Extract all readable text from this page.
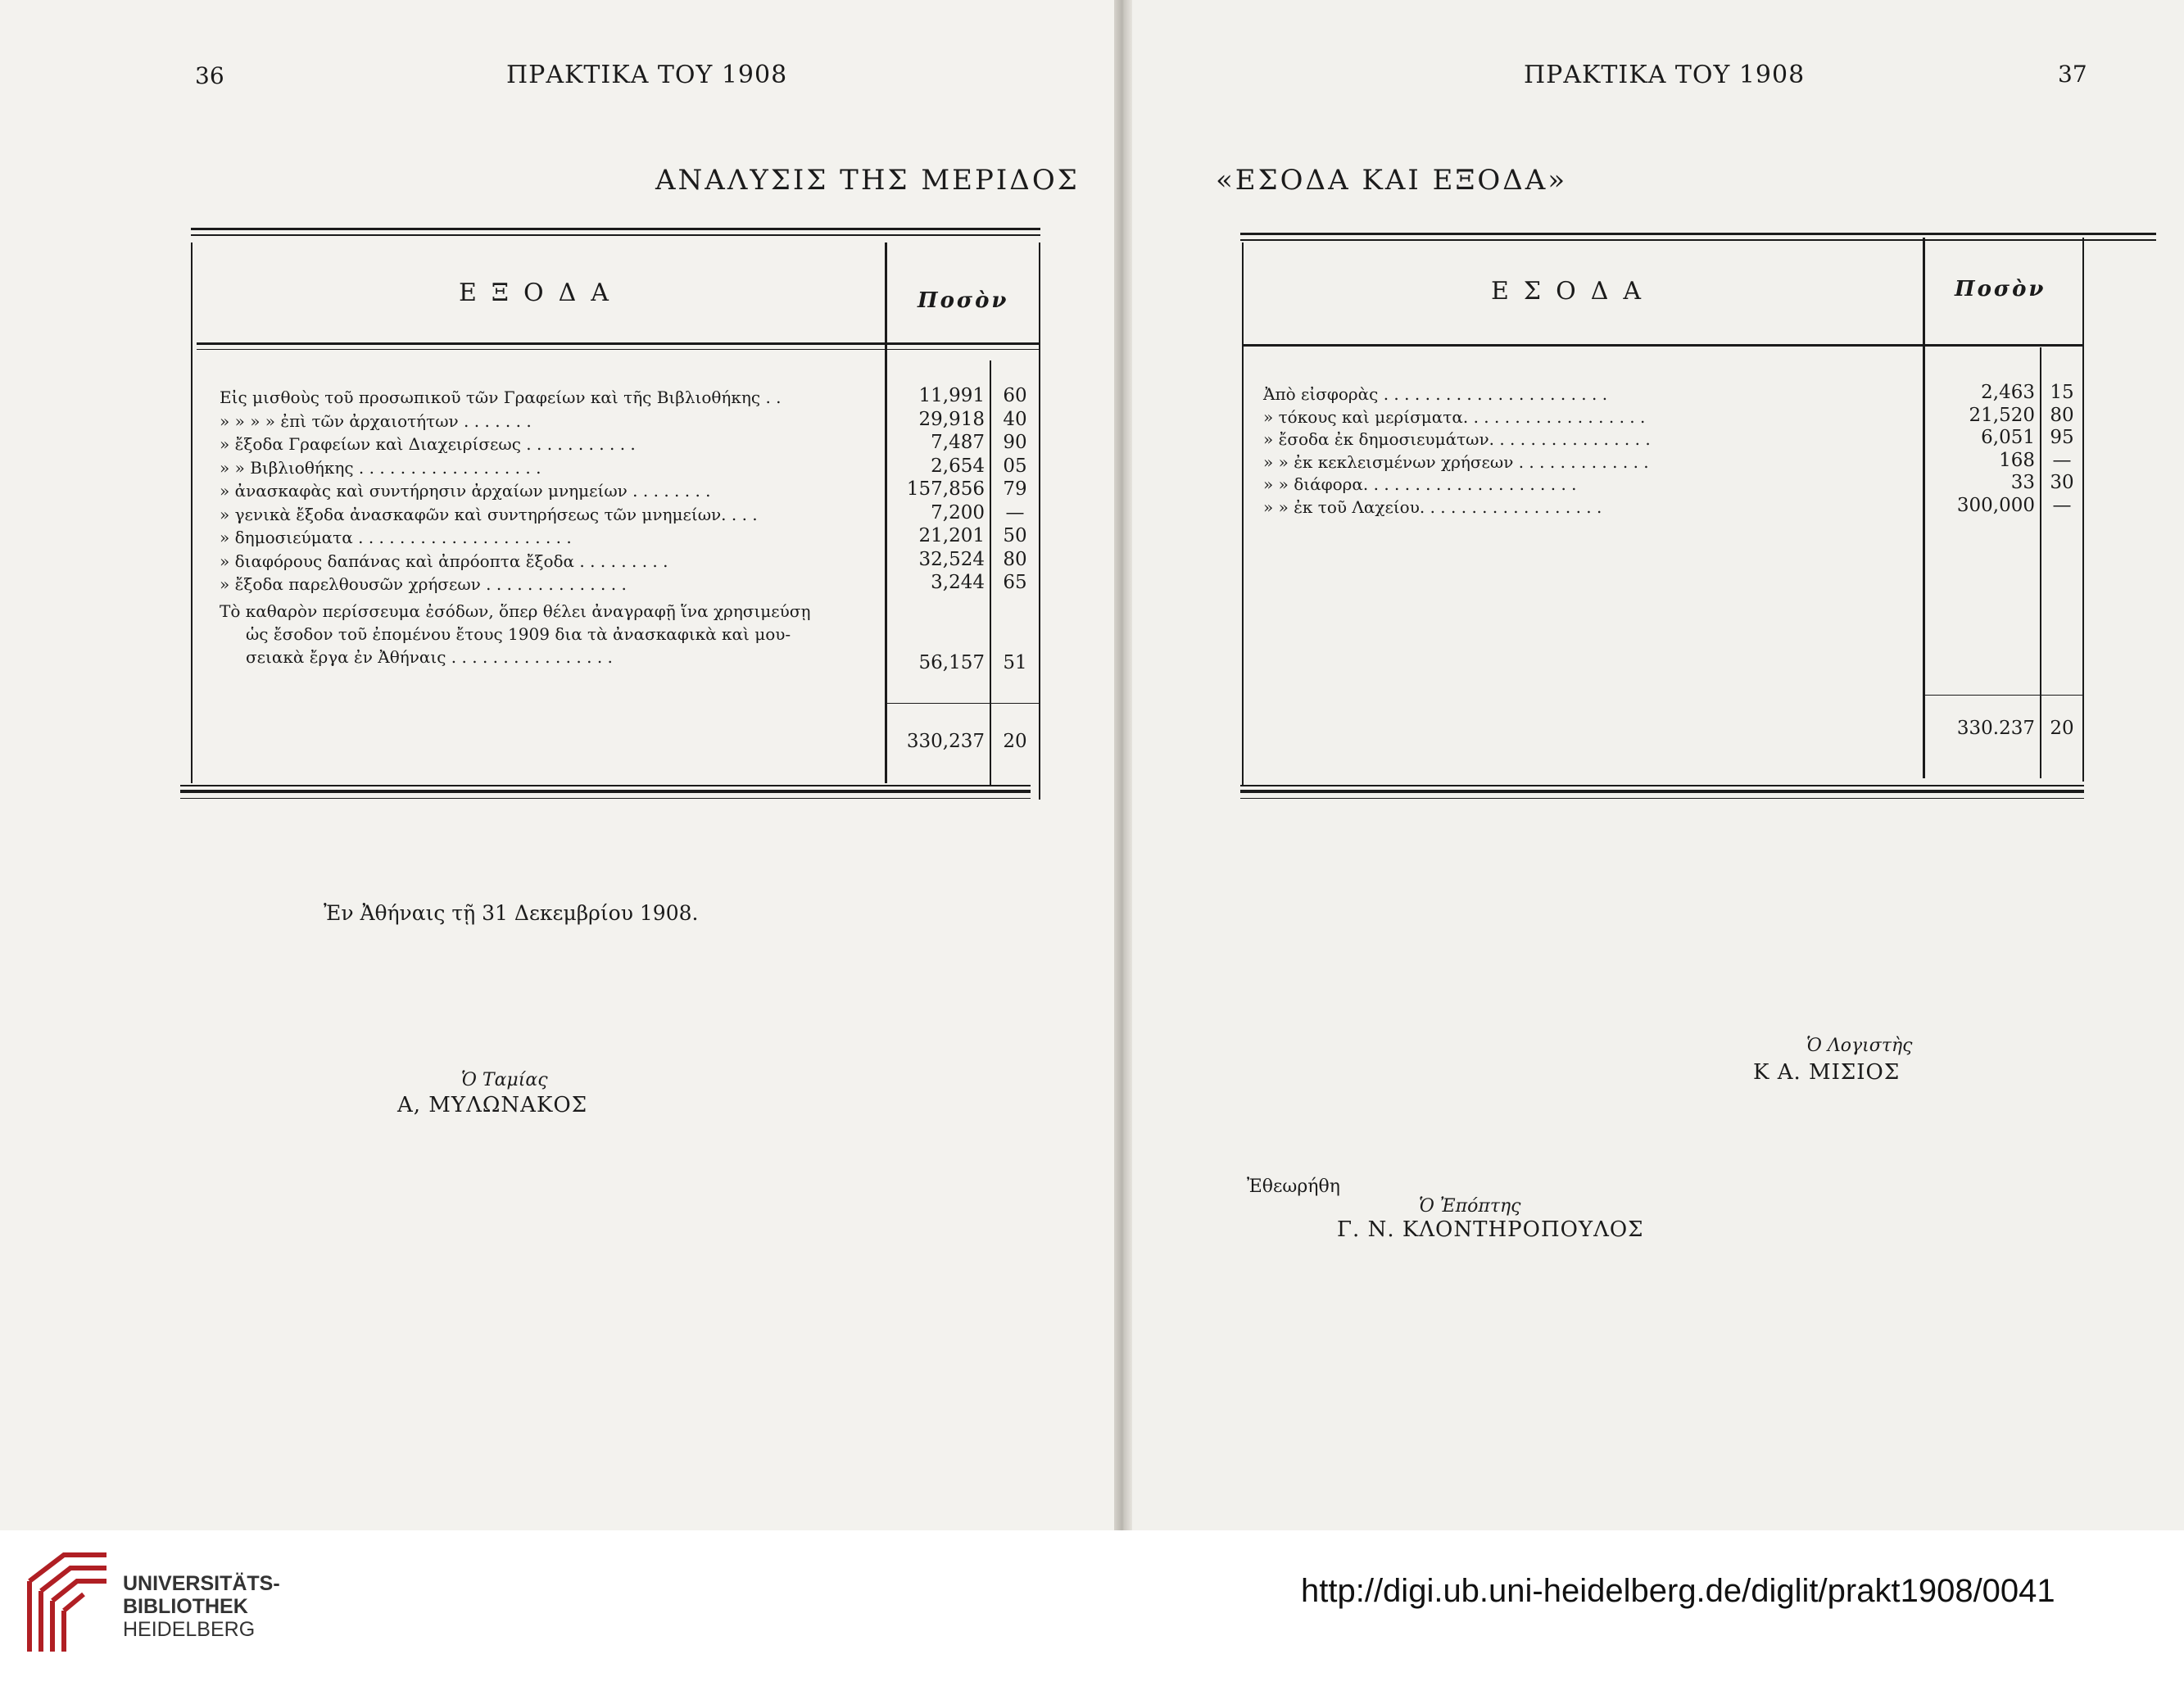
36	ΠΡΑΚΤΙΚΑ ΤΟΥ 1908
ΑΝΑΛΥΣΙΣ ΤΗΣ ΜΕΡΙΔΟΣ
ΕΞΟΔΑ	Ποσὸν
Εἰς μισθοὺς τοῦ προσωπικοῦ τῶν Γραφείων καὶ τῆς Βιβλιοθήκης . .	11,991 60
» » » » ἐπὶ τῶν ἀρχαιοτήτων . . . . . . .	29,918 40
» ἔξοδα Γραφείων καὶ Διαχειρίσεως . . . . . . . . . . .	7,487 90
» » Βιβλιοθήκης . . . . . . . . . . . . . . . . . .	2,654 05
» ἀνασκαφὰς καὶ συντήρησιν ἀρχαίων μνημείων . . . . . . . .	157,856 79
» γενικὰ ἔξοδα ἀνασκαφῶν καὶ συντηρήσεως τῶν μνημείων. . . .	7,200	—
» δημοσιεύματα . . . . . . . . . . . . . . . . . . . . .	21,201 50
» διαφόρους δαπάνας καὶ ἀπρόοπτα ἔξοδα . . . . . . . . .	32,524 80
» ἔξοδα παρελθουσῶν χρήσεων . . . . . . . . . . . . . .	3,244 65
Τὸ καθαρὸν περίσσευμα ἐσόδων, ὅπερ θέλει ἀναγραφῇ ἵνα χρησιμεύσῃ
ὡς ἔσοδον τοῦ ἐπομένου ἔτους 1909 δια τὰ ἀνασκαφικὰ καὶ μου-
σειακὰ ἔργα ἐν Ἀθήναις . . . . . . . . . . . . . . . .	56,157 51
330,237 20
Ἐν Ἀθήναις τῇ 31 Δεκεμβρίου 1908.
Ὁ Ταμίας
Α, ΜΥΛΩΝΑΚΟΣ
ΠΡΑΚΤΙΚΑ ΤΟΥ 1908	37
«ΕΣΟΔΑ ΚΑΙ ΕΞΟΔΑ»
ΕΣΟΔΑ	Ποσὸν
Ἀπὸ εἰσφορὰς . . . . . . . . . . . . . . . . . . . . . .	2,463 15
» τόκους καὶ μερίσματα. . . . . . . . . . . . . . . . . .	21,520 80
» ἔσοδα ἐκ δημοσιευμάτων. . . . . . . . . . . . . . . .	6,051 95
» » ἐκ κεκλεισμένων χρήσεων . . . . . . . . . . . . .	168 —
» » διάφορα. . . . . . . . . . . . . . . . . . . . .	33 30
» » ἐκ τοῦ Λαχείου. . . . . . . . . . . . . . . . . .	300,000 —
330.237 20
Ὁ Λογιστὴς
Κ Α. ΜΙΣΙΟΣ
Ἐθεωρήθη
Ὁ Ἐπόπτης
Γ. Ν. ΚΛΟΝΤΗΡΟΠΟΥΛΟΣ
UNIVERSITÄTS-
BIBLIOTHEK
HEIDELBERG
http://digi.ub.uni-heidelberg.de/diglit/prakt1908/0041
